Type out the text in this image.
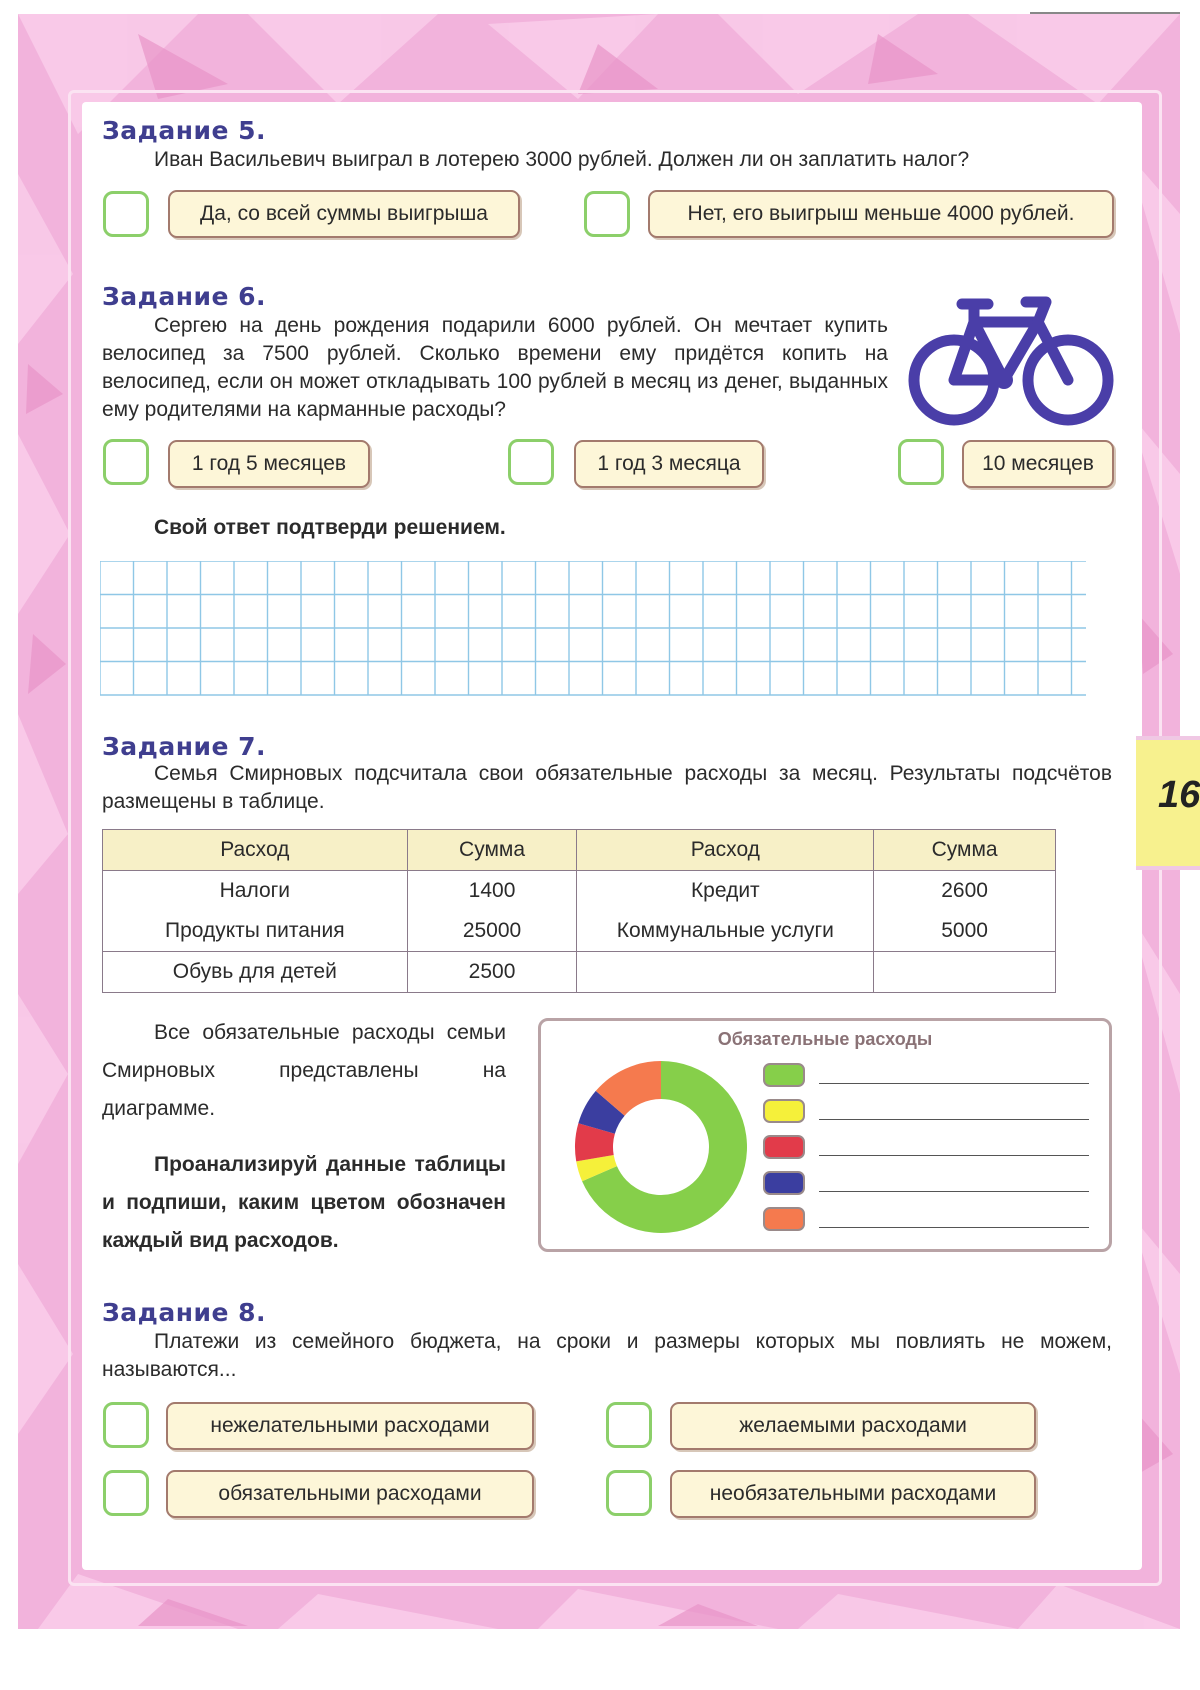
16
Задание 5.
Иван Васильевич выиграл в лотерею 3000 рублей. Должен ли он заплатить налог?
Да, со всей суммы выигрыша	Нет, его выигрыш меньше 4000 рублей.
Задание 6.
Сергею на день рождения подарили 6000 рублей. Он мечтает купить велосипед за 7500 рублей. Сколько времени ему придётся копить на велосипед, если он может откладывать 100 рублей в месяц из денег, выданных ему родителями на карманные расходы?
1 год 5 месяцев	1 год 3 месяца	10 месяцев
Свой ответ подтверди решением.
Задание 7.
Семья Смирновых подсчитала свои обязательные расходы за месяц. Результаты подсчётов размещены в таблице.
Расход	Сумма	Расход	Сумма
Налоги	1400	Кредит	2600
Продукты питания	25000	Коммунальные услуги	5000
Обувь для детей	2500		
Все обязательные расходы семьи Смирновых представлены на диаграмме.
Проанализируй данные таблицы и подпиши, каким цветом обозначен каждый вид расходов.
Обязательные расходы
Задание 8.
Платежи из семейного бюджета, на сроки и размеры которых мы повлиять не можем, называются...
нежелательными расходами	желаемыми расходами
обязательными расходами	необязательными расходами
